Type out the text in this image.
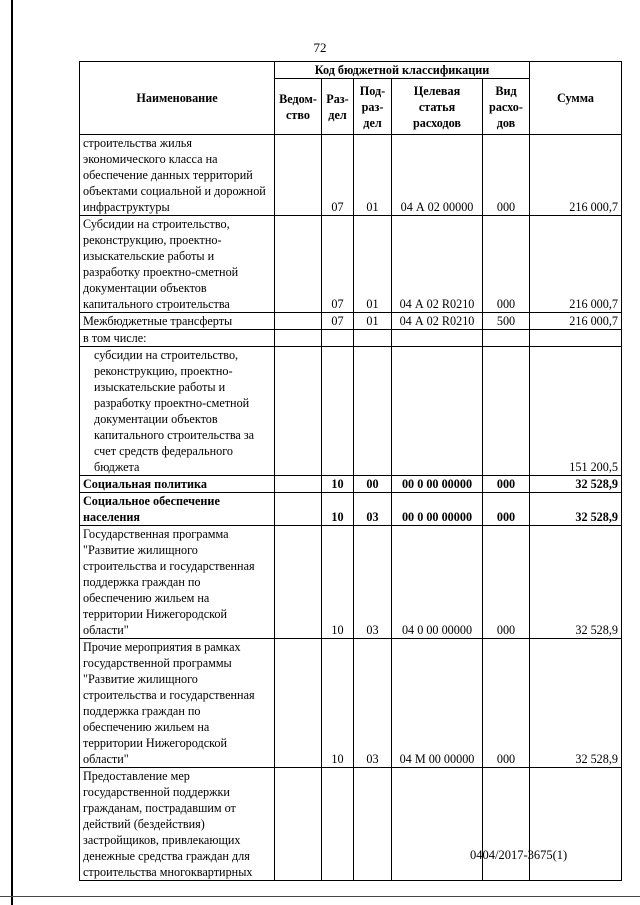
72
Наименование	Код бюджетной классификации					Сумма
	Ведом-ство	Раз-дел	Под-раз-дел	Целевая статья расходов	Вид расхо-дов	
строительства жилья экономического класса на обеспечение данных территорий объектами социальной и дорожной инфраструктуры		07	01	04 А 02 00000	000	216 000,7
Субсидии на строительство, реконструкцию, проектно-изыскательские работы и разработку проектно-сметной документации объектов капитального строительства		07	01	04 А 02 R0210	000	216 000,7
Межбюджетные трансферты		07	01	04 А 02 R0210	500	216 000,7
в том числе:						
субсидии на строительство, реконструкцию, проектно-изыскательские работы и разработку проектно-сметной документации объектов капитального строительства за счет средств федерального бюджета						151 200,5
Социальная политика		10	00	00 0 00 00000	000	32 528,9
Социальное обеспечение населения		10	03	00 0 00 00000	000	32 528,9
Государственная программа "Развитие жилищного строительства и государственная поддержка граждан по обеспечению жильем на территории Нижегородской области"		10	03	04 0 00 00000	000	32 528,9
Прочие мероприятия в рамках государственной программы "Развитие жилищного строительства и государственная поддержка граждан по обеспечению жильем на территории Нижегородской области"		10	03	04 М 00 00000	000	32 528,9
Предоставление мер государственной поддержки гражданам, пострадавшим от действий (бездействия) застройщиков, привлекающих денежные средства граждан для строительства многоквартирных						
0404/2017-3675(1)
